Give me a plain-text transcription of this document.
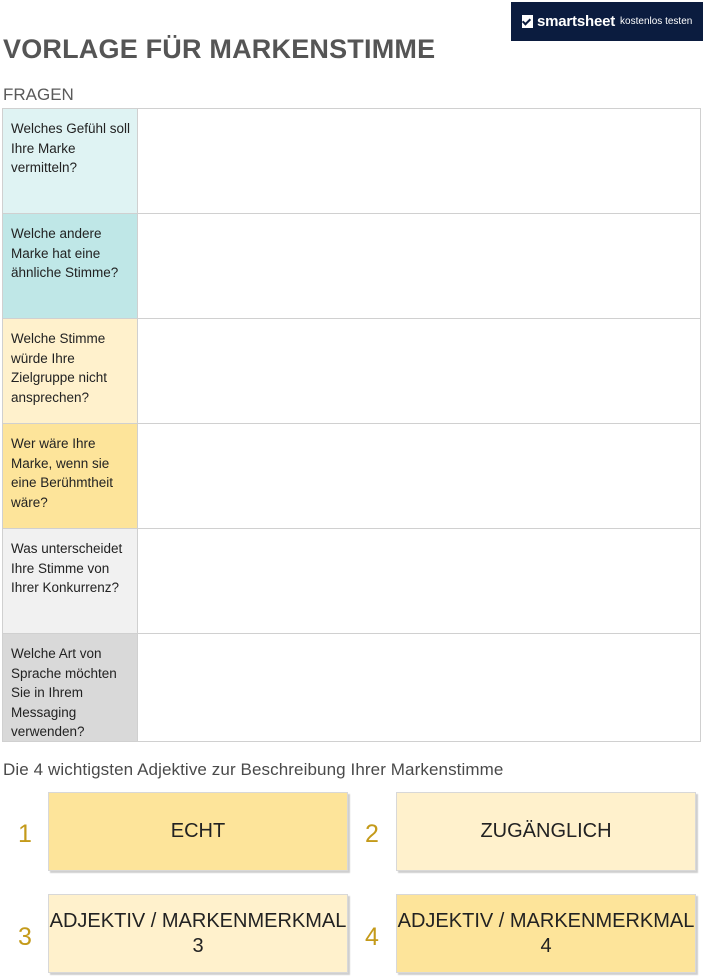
smartsheet kostenlos testen
VORLAGE FÜR MARKENSTIMME
FRAGEN
Welches Gefühl soll Ihre Marke vermitteln?
Welche andere Marke hat eine ähnliche Stimme?
Welche Stimme würde Ihre Zielgruppe nicht ansprechen?
Wer wäre Ihre Marke, wenn sie eine Berühmtheit wäre?
Was unterscheidet Ihre Stimme von Ihrer Konkurrenz?
Welche Art von Sprache möchten Sie in Ihrem Messaging verwenden?
Die 4 wichtigsten Adjektive zur Beschreibung Ihrer Markenstimme
1	ECHT	2	ZUGÄNGLICH
3
ADJEKTIV / MARKENMERKMAL 3	4
ADJEKTIV / MARKENMERKMAL 4
